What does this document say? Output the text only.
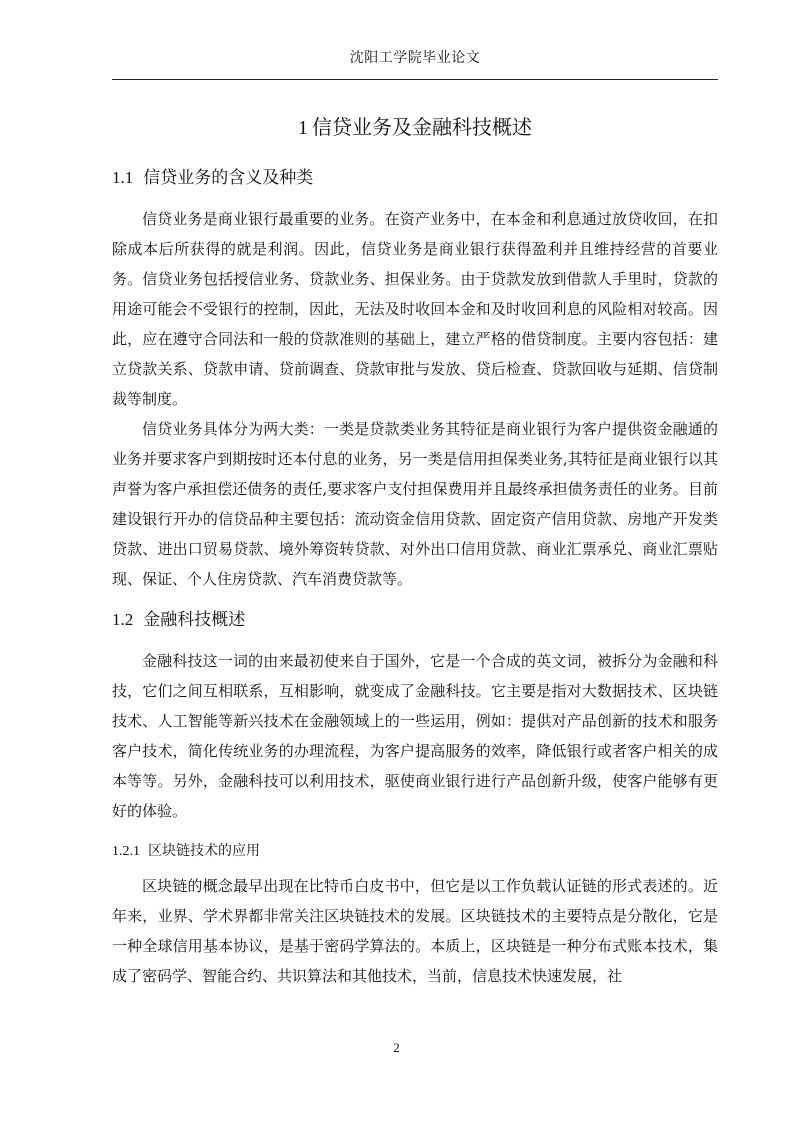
沈阳工学院毕业论文
1 信贷业务及金融科技概述
1.1 信贷业务的含义及种类

信贷业务是商业银行最重要的业务。在资产业务中，在本金和利息通过放贷收回，在扣除成本后所获得的就是利润。因此，信贷业务是商业银行获得盈利并且维持经营的首要业务。信贷业务包括授信业务、贷款业务、担保业务。由于贷款发放到借款人手里时，贷款的用途可能会不受银行的控制，因此，无法及时收回本金和及时收回利息的风险相对较高。因此，应在遵守合同法和一般的贷款准则的基础上，建立严格的借贷制度。主要内容包括：建立贷款关系、贷款申请、贷前调查、贷款审批与发放、贷后检查、贷款回收与延期、信贷制裁等制度。

信贷业务具体分为两大类：一类是贷款类业务其特征是商业银行为客户提供资金融通的业务并要求客户到期按时还本付息的业务，另一类是信用担保类业务,其特征是商业银行以其声誉为客户承担偿还债务的责任,要求客户支付担保费用并且最终承担债务责任的业务。目前建设银行开办的信贷品种主要包括：流动资金信用贷款、固定资产信用贷款、房地产开发类贷款、进出口贸易贷款、境外筹资转贷款、对外出口信用贷款、商业汇票承兑、商业汇票贴现、保证、个人住房贷款、汽车消费贷款等。

1.2 金融科技概述

金融科技这一词的由来最初使来自于国外，它是一个合成的英文词，被拆分为金融和科技，它们之间互相联系，互相影响，就变成了金融科技。它主要是指对大数据技术、区块链技术、人工智能等新兴技术在金融领域上的一些运用，例如：提供对产品创新的技术和服务客户技术，简化传统业务的办理流程，为客户提高服务的效率，降低银行或者客户相关的成本等等。另外，金融科技可以利用技术，驱使商业银行进行产品创新升级，使客户能够有更好的体验。

1.2.1 区块链技术的应用

区块链的概念最早出现在比特币白皮书中，但它是以工作负载认证链的形式表述的。近年来，业界、学术界都非常关注区块链技术的发展。区块链技术的主要特点是分散化，它是一种全球信用基本协议，是基于密码学算法的。本质上，区块链是一种分布式账本技术，集成了密码学、智能合约、共识算法和其他技术，当前，信息技术快速发展，社

2
